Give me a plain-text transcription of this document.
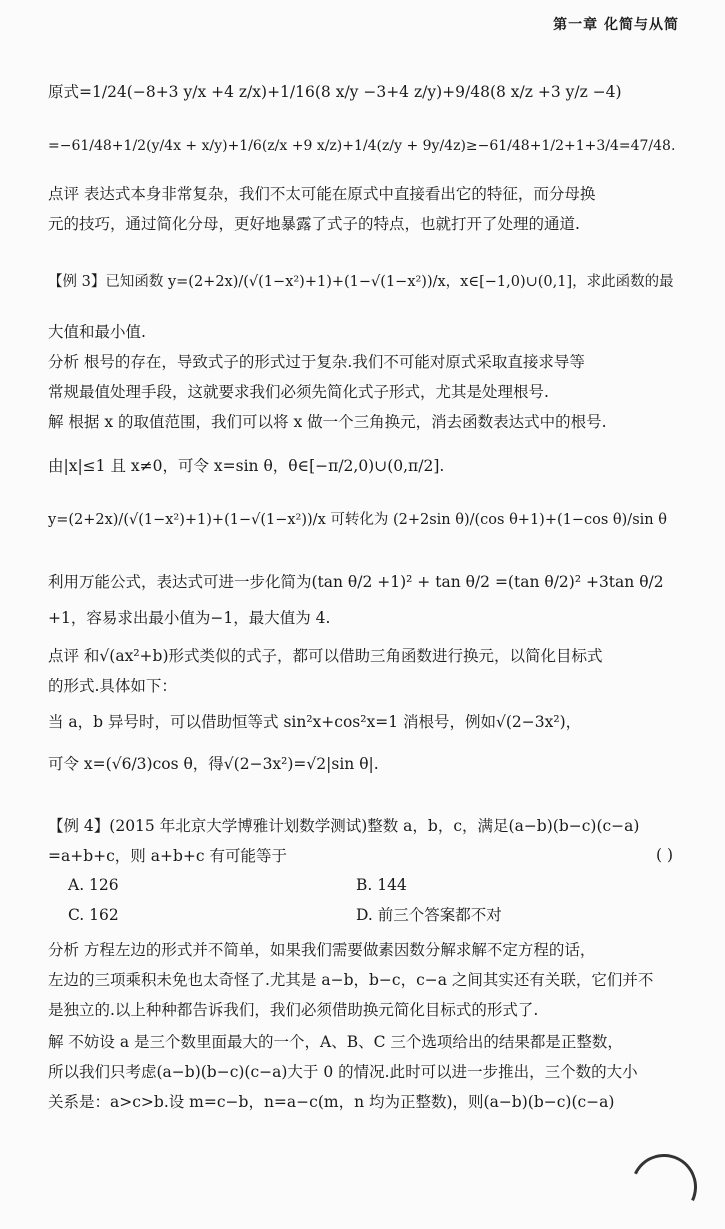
第一章 化简与从简
原式=1/24(−8+3 y/x +4 z/x)+1/16(8 x/y −3+4 z/y)+9/48(8 x/z +3 y/z −4)
=−61/48+1/2(y/4x + x/y)+1/6(z/x +9 x/z)+1/4(z/y + 9y/4z)≥−61/48+1/2+1+3/4=47/48.
点评 表达式本身非常复杂，我们不太可能在原式中直接看出它的特征，而分母换
元的技巧，通过简化分母，更好地暴露了式子的特点，也就打开了处理的通道.
【例 3】已知函数 y=(2+2x)/(√(1−x²)+1)+(1−√(1−x²))/x，x∈[−1,0)∪(0,1]，求此函数的最
大值和最小值.
分析 根号的存在，导致式子的形式过于复杂.我们不可能对原式采取直接求导等
常规最值处理手段，这就要求我们必须先简化式子形式，尤其是处理根号.
解 根据 x 的取值范围，我们可以将 x 做一个三角换元，消去函数表达式中的根号.
由|x|≤1 且 x≠0，可令 x=sin θ，θ∈[−π/2,0)∪(0,π/2].
y=(2+2x)/(√(1−x²)+1)+(1−√(1−x²))/x 可转化为 (2+2sin θ)/(cos θ+1)+(1−cos θ)/sin θ
利用万能公式，表达式可进一步化简为(tan θ/2 +1)² + tan θ/2 =(tan θ/2)² +3tan θ/2
+1，容易求出最小值为−1，最大值为 4.
点评 和√(ax²+b)形式类似的式子，都可以借助三角函数进行换元，以简化目标式
的形式.具体如下：
当 a，b 异号时，可以借助恒等式 sin²x+cos²x=1 消根号，例如√(2−3x²)，
可令 x=(√6/3)cos θ，得√(2−3x²)=√2|sin θ|.
【例 4】(2015 年北京大学博雅计划数学测试)整数 a，b，c，满足(a−b)(b−c)(c−a)
=a+b+c，则 a+b+c 有可能等于	( )
A. 126	B. 144
C. 162	D. 前三个答案都不对
分析 方程左边的形式并不简单，如果我们需要做素因数分解求解不定方程的话，
左边的三项乘积未免也太奇怪了.尤其是 a−b，b−c，c−a 之间其实还有关联，它们并不
是独立的.以上种种都告诉我们，我们必须借助换元简化目标式的形式了.
解 不妨设 a 是三个数里面最大的一个，A、B、C 三个选项给出的结果都是正整数，
所以我们只考虑(a−b)(b−c)(c−a)大于 0 的情况.此时可以进一步推出，三个数的大小
关系是：a>c>b.设 m=c−b，n=a−c(m，n 均为正整数)，则(a−b)(b−c)(c−a)
